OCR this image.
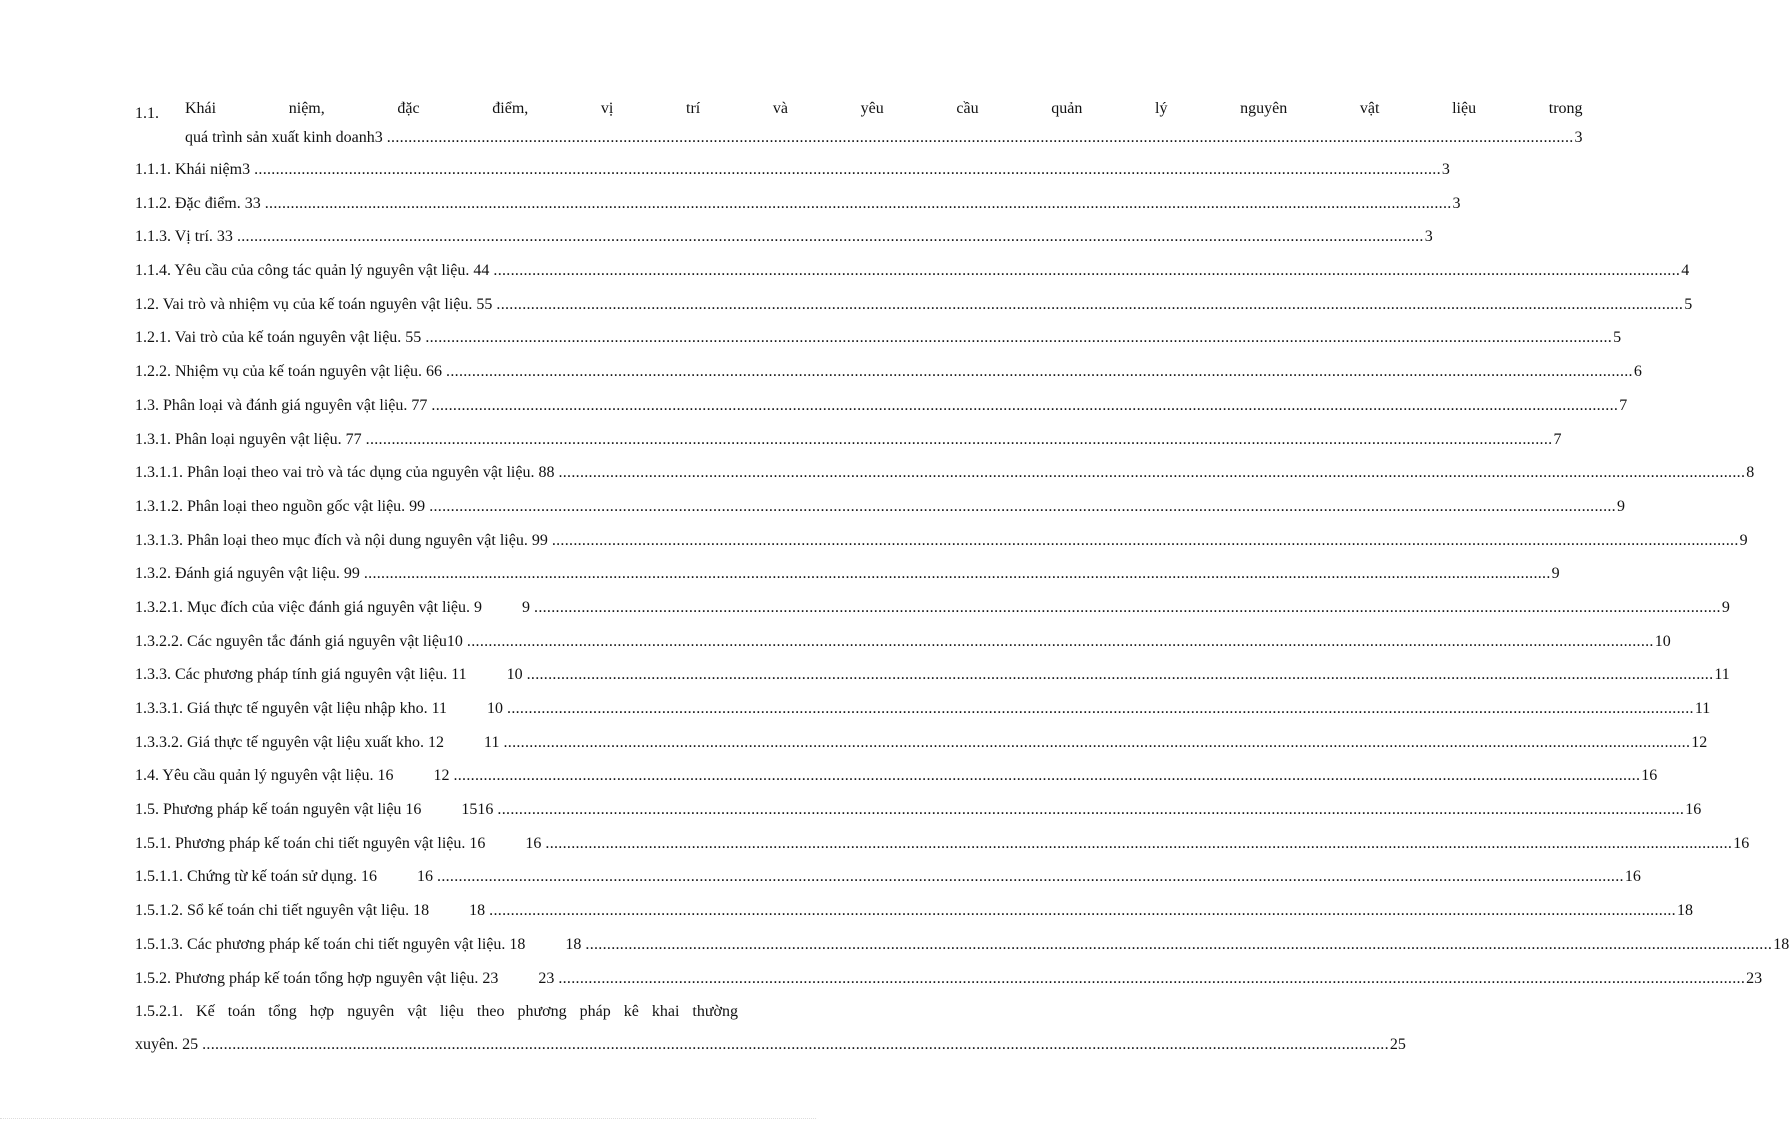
1.1.	Khái niệm, đặc điểm, vị trí và yêu cầu quản lý nguyên vật liệu trong
quá trình sản xuất kinh doanh3 .....	3
1.1.1. Khái niệm3 .....	3
1.1.2. Đặc điểm. 33 .....	3
1.1.3. Vị trí. 33 .....	3
1.1.4. Yêu cầu của công tác quản lý nguyên vật liệu. 44 .....	4
1.2. Vai trò và nhiệm vụ của kế toán nguyên vật liệu. 55 .....	5
1.2.1. Vai trò của kế toán nguyên vật liệu. 55 .....	5
1.2.2. Nhiệm vụ của kế toán nguyên vật liệu. 66 .....	6
1.3. Phân loại và đánh giá nguyên vật liệu. 77 .....	7
1.3.1. Phân loại nguyên vật liệu. 77 .....	7
1.3.1.1. Phân loại theo vai trò và tác dụng của nguyên vật liệu. 88 .....	8
1.3.1.2. Phân loại theo nguồn gốc vật liệu. 99 .....	9
1.3.1.3. Phân loại theo mục đích và nội dung nguyên vật liệu. 99 .....	9
1.3.2. Đánh giá nguyên vật liệu. 99 .....	9
1.3.2.1. Mục đích của việc đánh giá nguyên vật liệu. 9          9 .....	9
1.3.2.2. Các nguyên tắc đánh giá nguyên vật liệu10 .....	10
1.3.3. Các phương pháp tính giá nguyên vật liệu. 11          10 .....	11
1.3.3.1. Giá thực tế nguyên vật liệu nhập kho. 11          10 .....	11
1.3.3.2. Giá thực tế nguyên vật liệu xuất kho. 12          11 .....	12
1.4. Yêu cầu quản lý nguyên vật liệu. 16          12 .....	16
1.5. Phương pháp kế toán nguyên vật liệu 16          1516 .....	16
1.5.1. Phương pháp kế toán chi tiết nguyên vật liệu. 16          16 .....	16
1.5.1.1. Chứng từ kế toán sử dụng. 16          16 .....	16
1.5.1.2. Sổ kế toán chi tiết nguyên vật liệu. 18          18 .....	18
1.5.1.3. Các phương pháp kế toán chi tiết nguyên vật liệu. 18          18 .....	18
1.5.2. Phương pháp kế toán tổng hợp nguyên vật liệu. 23          23 .....	23
1.5.2.1. Kế toán tổng hợp nguyên vật liệu theo phương pháp kê khai thường
xuyên. 25 .....	25
